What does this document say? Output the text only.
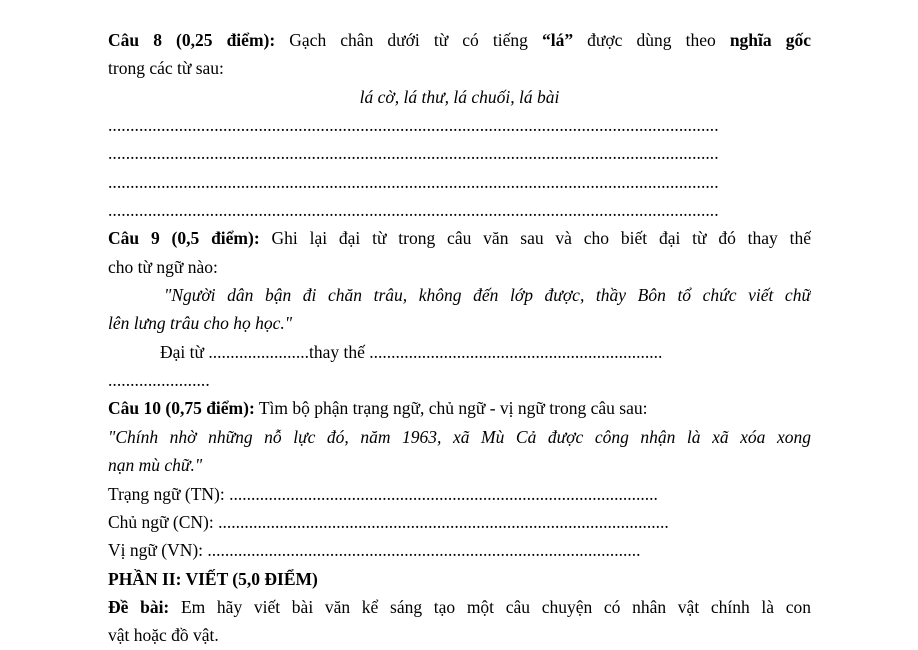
Câu 8 (0,25 điểm): Gạch chân dưới từ có tiếng “lá” được dùng theo nghĩa gốc

trong các từ sau:

lá cờ, lá thư, lá chuối, lá bài

..........................................................................................................................................

..........................................................................................................................................

..........................................................................................................................................

..........................................................................................................................................

Câu 9 (0,5 điểm): Ghi lại đại từ trong câu văn sau và cho biết đại từ đó thay thế

cho từ ngữ nào:

"Người dân bận đi chăn trâu, không đến lớp được, thầy Bôn tổ chức viết chữ

lên lưng trâu cho họ học."

Đại từ .......................thay thế ...................................................................

.......................

Câu 10 (0,75 điểm): Tìm bộ phận trạng ngữ, chủ ngữ - vị ngữ trong câu sau:

"Chính nhờ những nỗ lực đó, năm 1963, xã Mù Cả được công nhận là xã xóa xong

nạn mù chữ."

Trạng ngữ (TN): ..................................................................................................

Chủ ngữ (CN): .......................................................................................................

Vị ngữ (VN): ...................................................................................................

PHẦN II: VIẾT (5,0 ĐIỂM)

Đề bài: Em hãy viết bài văn kể sáng tạo một câu chuyện có nhân vật chính là con

vật hoặc đồ vật.
